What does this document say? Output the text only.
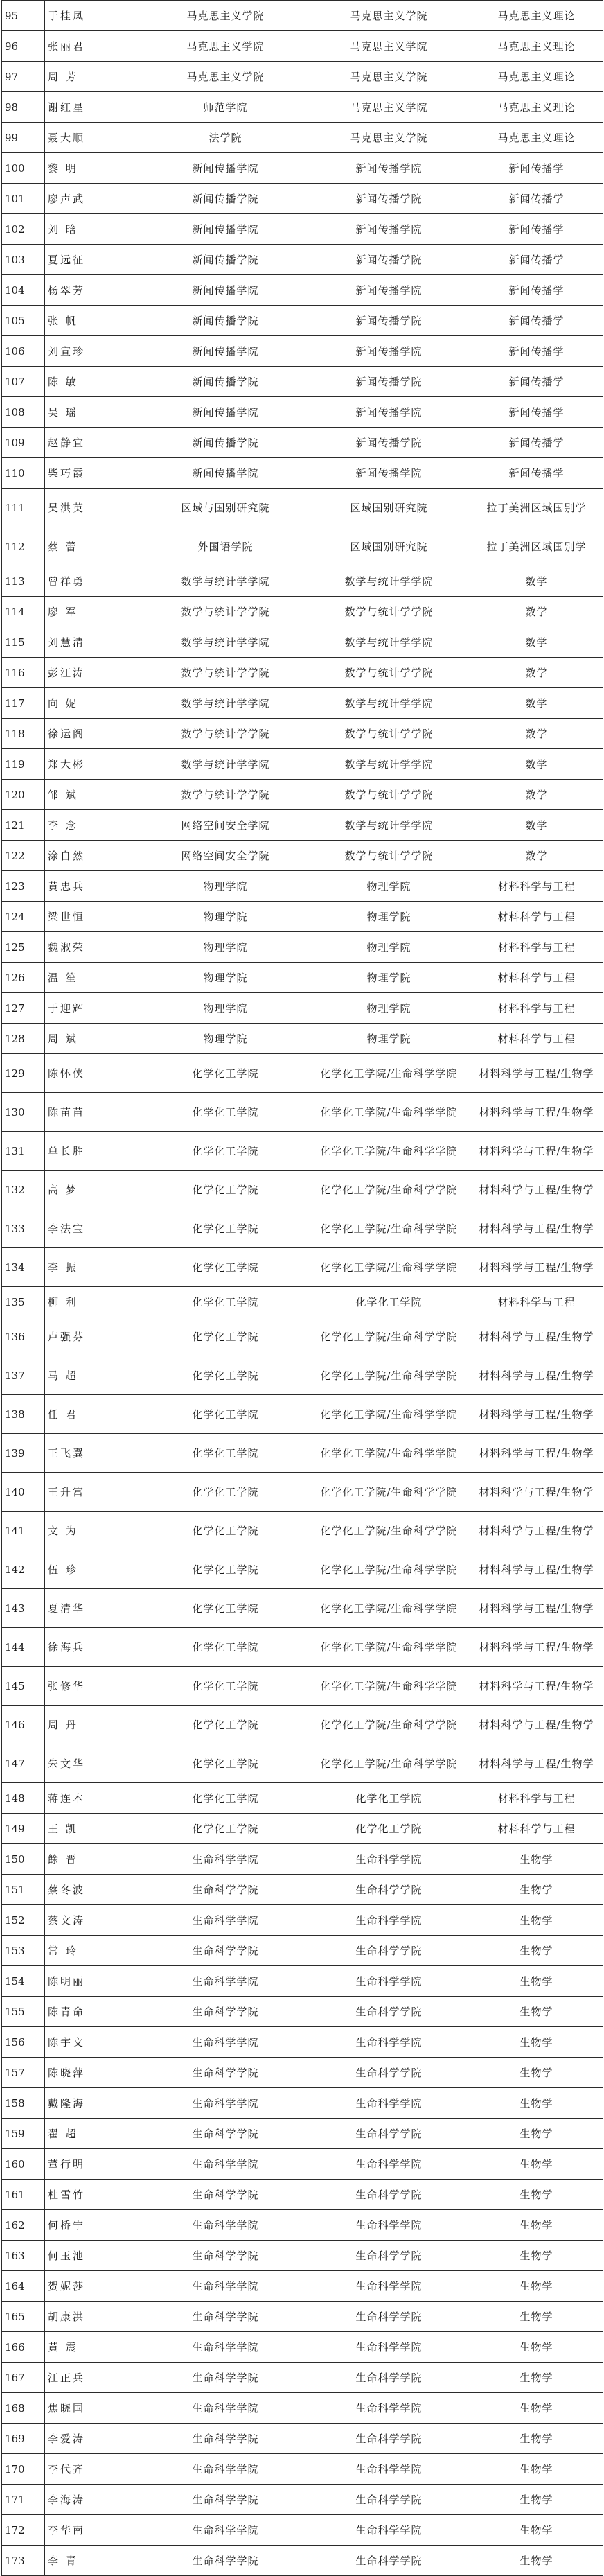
95	于桂凤	马克思主义学院	马克思主义学院	马克思主义理论
96	张丽君	马克思主义学院	马克思主义学院	马克思主义理论
97	周 芳	马克思主义学院	马克思主义学院	马克思主义理论
98	谢红星	师范学院	马克思主义学院	马克思主义理论
99	聂大顺	法学院	马克思主义学院	马克思主义理论
100	黎 明	新闻传播学院	新闻传播学院	新闻传播学
101	廖声武	新闻传播学院	新闻传播学院	新闻传播学
102	刘 晗	新闻传播学院	新闻传播学院	新闻传播学
103	夏远征	新闻传播学院	新闻传播学院	新闻传播学
104	杨翠芳	新闻传播学院	新闻传播学院	新闻传播学
105	张 帆	新闻传播学院	新闻传播学院	新闻传播学
106	刘宣珍	新闻传播学院	新闻传播学院	新闻传播学
107	陈 敏	新闻传播学院	新闻传播学院	新闻传播学
108	吴 瑶	新闻传播学院	新闻传播学院	新闻传播学
109	赵静宜	新闻传播学院	新闻传播学院	新闻传播学
110	柴巧霞	新闻传播学院	新闻传播学院	新闻传播学
111	吴洪英	区域与国别研究院	区域国别研究院	拉丁美洲区域国别学
112	蔡 蕾	外国语学院	区域国别研究院	拉丁美洲区域国别学
113	曾祥勇	数学与统计学学院	数学与统计学学院	数学
114	廖 军	数学与统计学学院	数学与统计学学院	数学
115	刘慧清	数学与统计学学院	数学与统计学学院	数学
116	彭江涛	数学与统计学学院	数学与统计学学院	数学
117	向 妮	数学与统计学学院	数学与统计学学院	数学
118	徐运阁	数学与统计学学院	数学与统计学学院	数学
119	郑大彬	数学与统计学学院	数学与统计学学院	数学
120	邹 斌	数学与统计学学院	数学与统计学学院	数学
121	李 念	网络空间安全学院	数学与统计学学院	数学
122	涂自然	网络空间安全学院	数学与统计学学院	数学
123	黄忠兵	物理学院	物理学院	材料科学与工程
124	梁世恒	物理学院	物理学院	材料科学与工程
125	魏淑荣	物理学院	物理学院	材料科学与工程
126	温 笙	物理学院	物理学院	材料科学与工程
127	于迎辉	物理学院	物理学院	材料科学与工程
128	周 斌	物理学院	物理学院	材料科学与工程
129	陈怀侠	化学化工学院	化学化工学院/生命科学学院	材料科学与工程/生物学
130	陈苗苗	化学化工学院	化学化工学院/生命科学学院	材料科学与工程/生物学
131	单长胜	化学化工学院	化学化工学院/生命科学学院	材料科学与工程/生物学
132	高 梦	化学化工学院	化学化工学院/生命科学学院	材料科学与工程/生物学
133	李法宝	化学化工学院	化学化工学院/生命科学学院	材料科学与工程/生物学
134	李 振	化学化工学院	化学化工学院/生命科学学院	材料科学与工程/生物学
135	柳 利	化学化工学院	化学化工学院	材料科学与工程
136	卢强芬	化学化工学院	化学化工学院/生命科学学院	材料科学与工程/生物学
137	马 超	化学化工学院	化学化工学院/生命科学学院	材料科学与工程/生物学
138	任 君	化学化工学院	化学化工学院/生命科学学院	材料科学与工程/生物学
139	王飞翼	化学化工学院	化学化工学院/生命科学学院	材料科学与工程/生物学
140	王升富	化学化工学院	化学化工学院/生命科学学院	材料科学与工程/生物学
141	文 为	化学化工学院	化学化工学院/生命科学学院	材料科学与工程/生物学
142	伍 珍	化学化工学院	化学化工学院/生命科学学院	材料科学与工程/生物学
143	夏清华	化学化工学院	化学化工学院/生命科学学院	材料科学与工程/生物学
144	徐海兵	化学化工学院	化学化工学院/生命科学学院	材料科学与工程/生物学
145	张修华	化学化工学院	化学化工学院/生命科学学院	材料科学与工程/生物学
146	周 丹	化学化工学院	化学化工学院/生命科学学院	材料科学与工程/生物学
147	朱文华	化学化工学院	化学化工学院/生命科学学院	材料科学与工程/生物学
148	蒋连本	化学化工学院	化学化工学院	材料科学与工程
149	王 凯	化学化工学院	化学化工学院	材料科学与工程
150	餘 晋	生命科学学院	生命科学学院	生物学
151	蔡冬波	生命科学学院	生命科学学院	生物学
152	蔡文涛	生命科学学院	生命科学学院	生物学
153	常 玲	生命科学学院	生命科学学院	生物学
154	陈明丽	生命科学学院	生命科学学院	生物学
155	陈青命	生命科学学院	生命科学学院	生物学
156	陈宇文	生命科学学院	生命科学学院	生物学
157	陈晓萍	生命科学学院	生命科学学院	生物学
158	戴隆海	生命科学学院	生命科学学院	生物学
159	翟 超	生命科学学院	生命科学学院	生物学
160	董行明	生命科学学院	生命科学学院	生物学
161	杜雪竹	生命科学学院	生命科学学院	生物学
162	何桥宁	生命科学学院	生命科学学院	生物学
163	何玉池	生命科学学院	生命科学学院	生物学
164	贺妮莎	生命科学学院	生命科学学院	生物学
165	胡康洪	生命科学学院	生命科学学院	生物学
166	黄 震	生命科学学院	生命科学学院	生物学
167	江正兵	生命科学学院	生命科学学院	生物学
168	焦晓国	生命科学学院	生命科学学院	生物学
169	李爱涛	生命科学学院	生命科学学院	生物学
170	李代齐	生命科学学院	生命科学学院	生物学
171	李海涛	生命科学学院	生命科学学院	生物学
172	李华南	生命科学学院	生命科学学院	生物学
173	李 青	生命科学学院	生命科学学院	生物学
